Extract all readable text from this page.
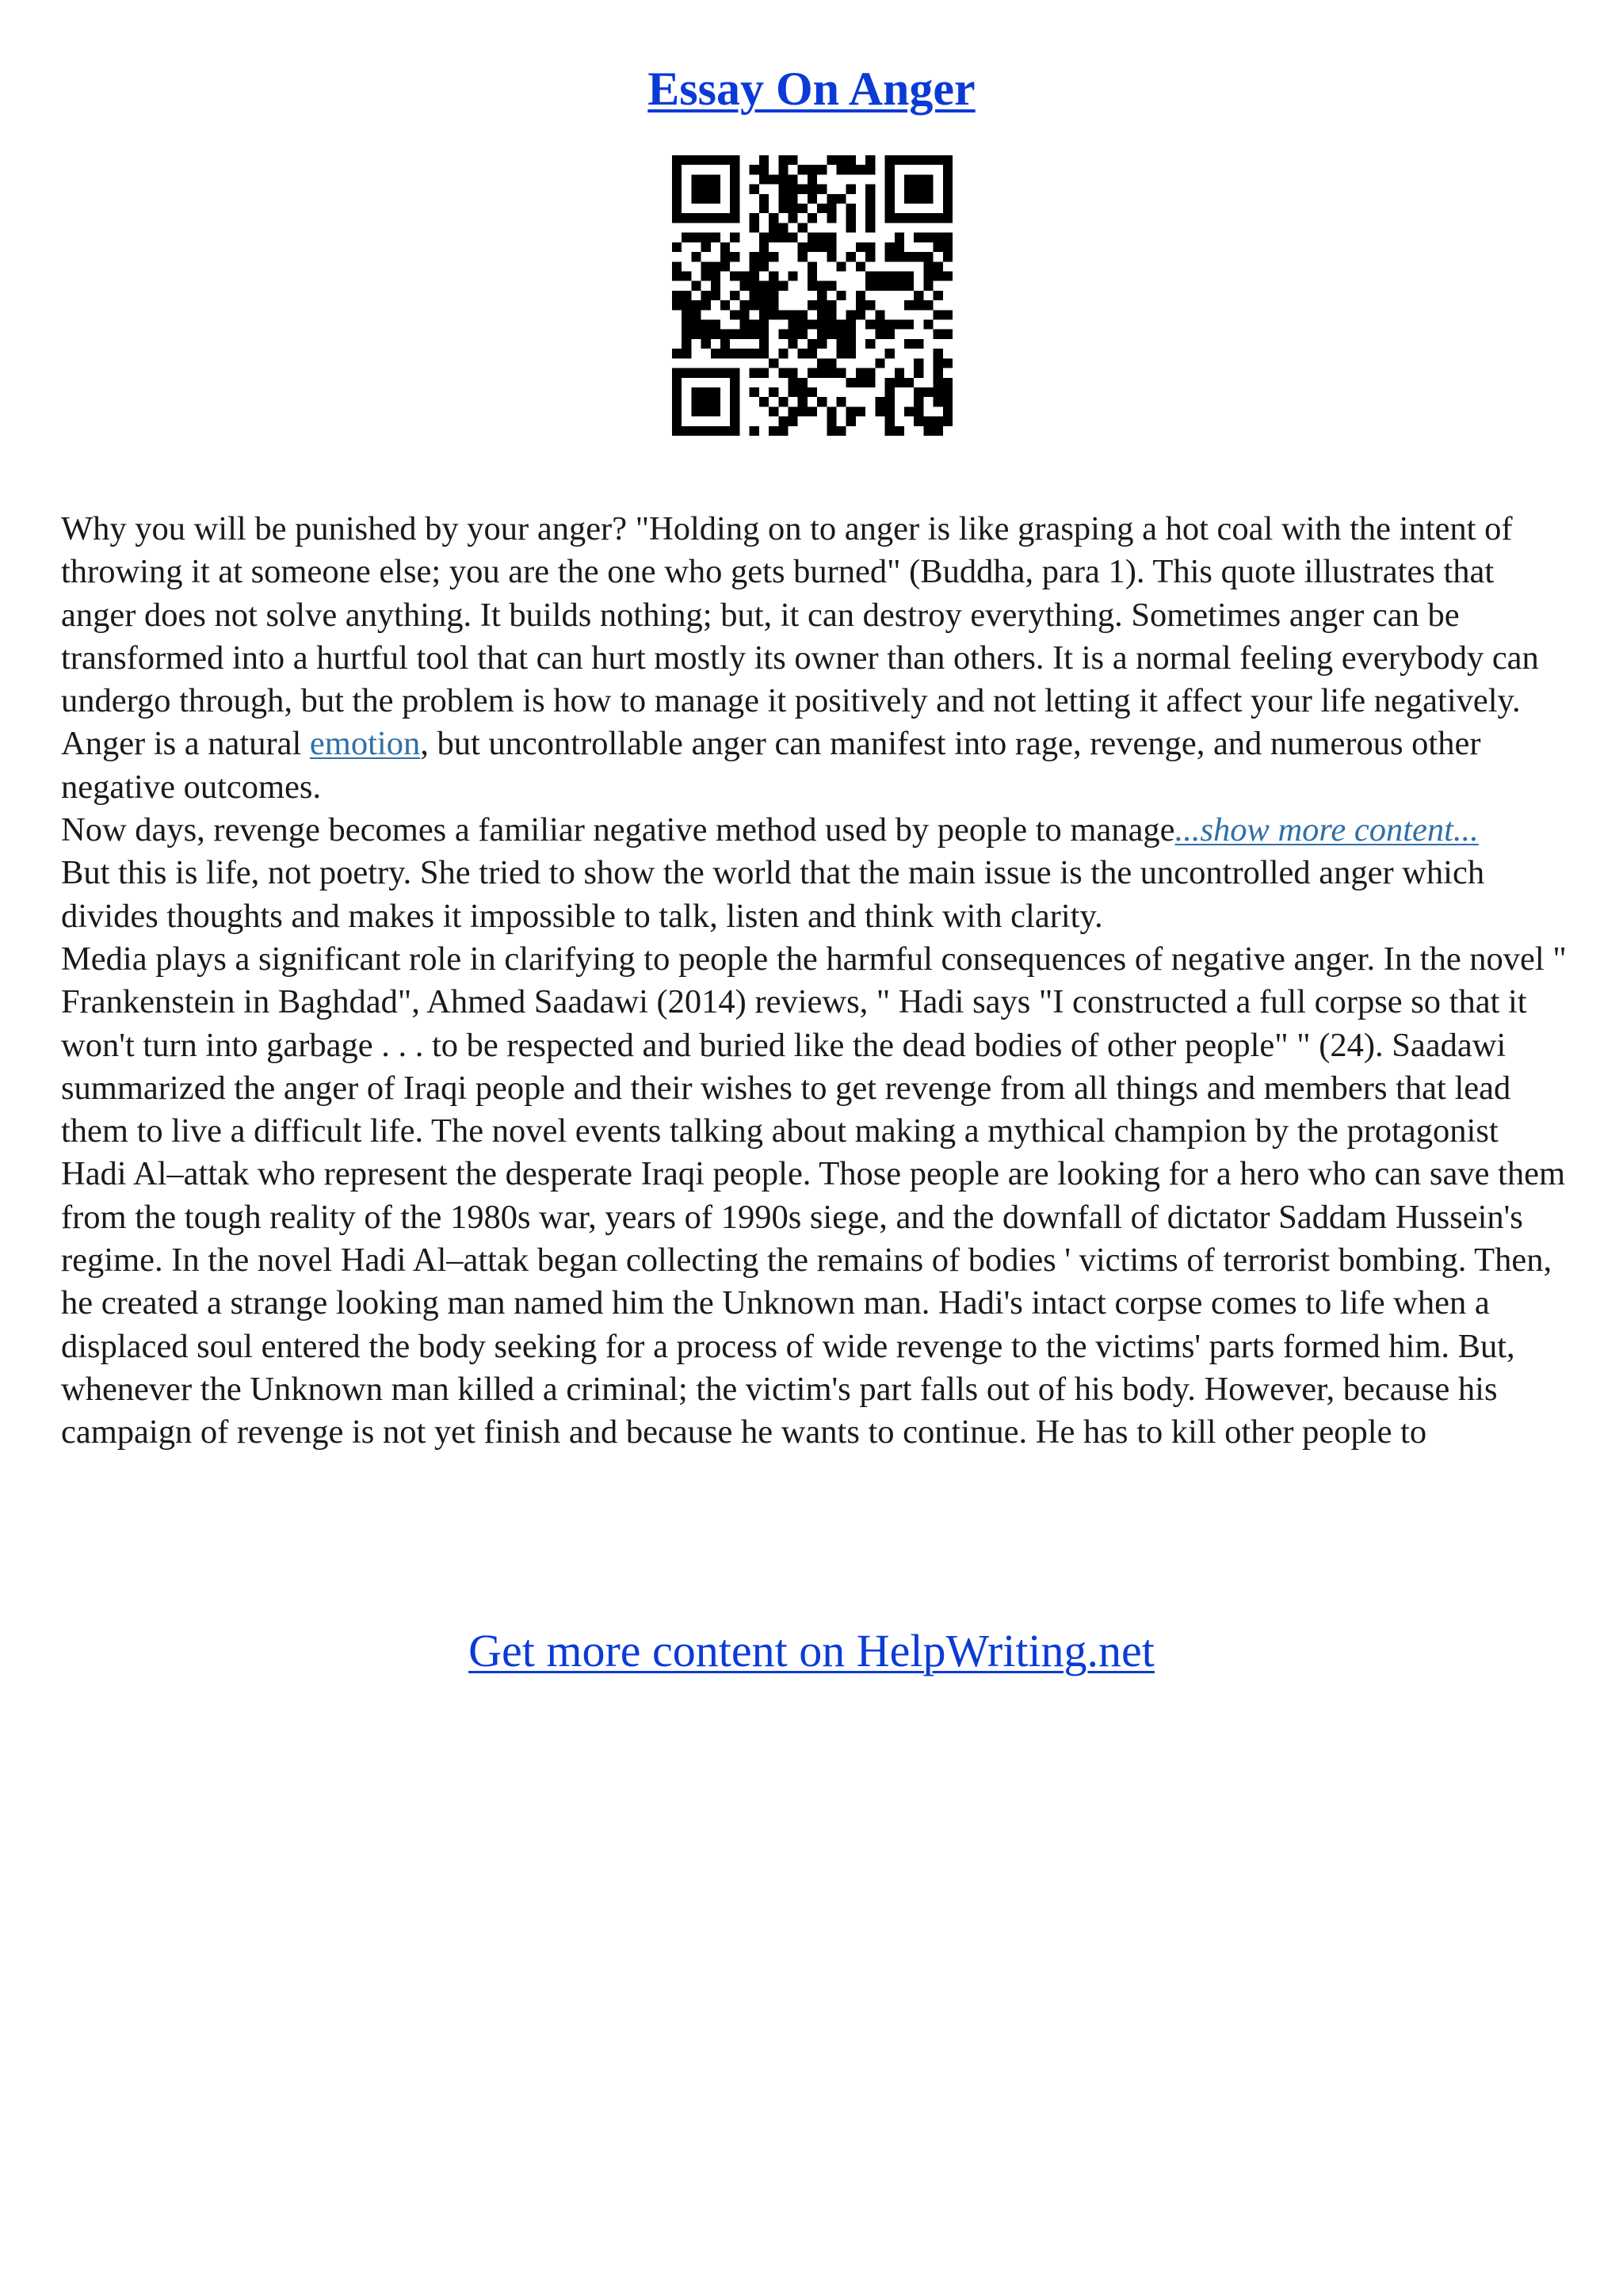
Essay On Anger

Why you will be punished by your anger? "Holding on to anger is like grasping a hot coal with the intent of throwing it at someone else; you are the one who gets burned" (Buddha, para 1). This quote illustrates that anger does not solve anything. It builds nothing; but, it can destroy everything. Sometimes anger can be transformed into a hurtful tool that can hurt mostly its owner than others. It is a normal feeling everybody can undergo through, but the problem is how to manage it positively and not letting it affect your life negatively. Anger is a natural emotion, but uncontrollable anger can manifest into rage, revenge, and numerous other negative outcomes.

Now days, revenge becomes a familiar negative method used by people to manage...show more content...

But this is life, not poetry. She tried to show the world that the main issue is the uncontrolled anger which divides thoughts and makes it impossible to talk, listen and think with clarity.

Media plays a significant role in clarifying to people the harmful consequences of negative anger. In the novel " Frankenstein in Baghdad", Ahmed Saadawi (2014) reviews, " Hadi says "I constructed a full corpse so that it won't turn into garbage . . . to be respected and buried like the dead bodies of other people" " (24). Saadawi summarized the anger of Iraqi people and their wishes to get revenge from all things and members that lead them to live a difficult life. The novel events talking about making a mythical champion by the protagonist Hadi Al–attak who represent the desperate Iraqi people. Those people are looking for a hero who can save them from the tough reality of the 1980s war, years of 1990s siege, and the downfall of dictator Saddam Hussein's regime. In the novel Hadi Al–attak began collecting the remains of bodies ' victims of terrorist bombing. Then, he created a strange looking man named him the Unknown man. Hadi's intact corpse comes to life when a displaced soul entered the body seeking for a process of wide revenge to the victims' parts formed him. But, whenever the Unknown man killed a criminal; the victim's part falls out of his body. However, because his campaign of revenge is not yet finish and because he wants to continue. He has to kill other people to

Get more content on HelpWriting.net
